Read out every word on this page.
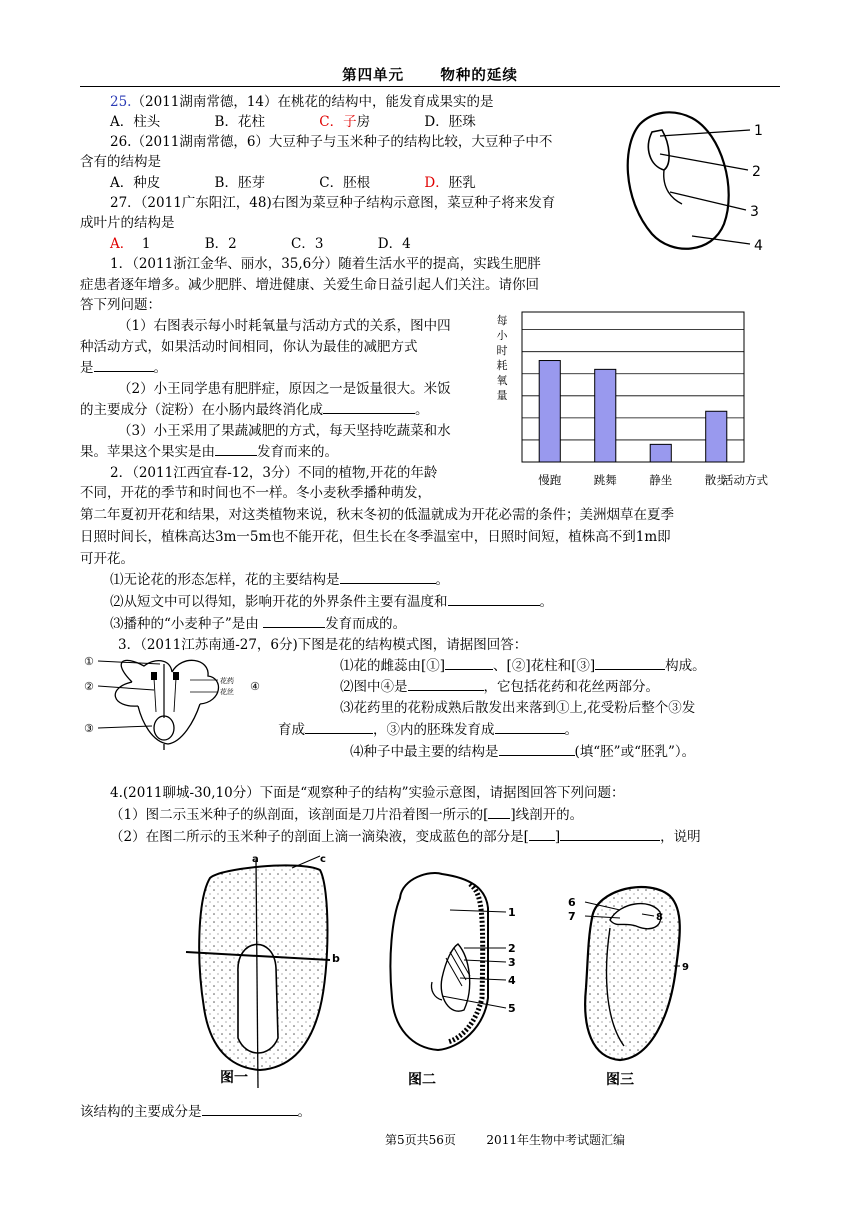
第四单元	物种的延续
25.（2011湖南常德，14）在桃花的结构中，能发育成果实的是
A．柱头	B．花柱	C．子房	D．胚珠
26.（2011湖南常德，6）大豆种子与玉米种子的结构比较，大豆种子中不
含有的结构是
A．种皮	B．胚芽	C．胚根	D．胚乳
27．（2011广东阳江，48)右图为菜豆种子结构示意图，菜豆种子将来发育
成叶片的结构是
A． 1	B．2	C．3	D．4
1
2
3
4
1．（2011浙江金华、丽水，35,6分）随着生活水平的提高，实践生肥胖
症患者逐年增多。减少肥胖、增进健康、关爱生命日益引起人们关注。请你回
答下列问题：
（1）右图表示每小时耗氧量与活动方式的关系，图中四
种活动方式，如果活动时间相同，你认为最佳的减肥方式
是	。
（2）小王同学患有肥胖症，原因之一是饭量很大。米饭
的主要成分（淀粉）在小肠内最终消化成	。
（3）小王采用了果蔬减肥的方式，每天坚持吃蔬菜和水
果。苹果这个果实是由	发育而来的。
每
小
时
耗
氧
量
慢跑	跳舞	静坐	散步
活动方式
2．（2011江西宜春-12，3分）不同的植物,开花的年龄
不同，开花的季节和时间也不一样。冬小麦秋季播种萌发，
第二年夏初开花和结果，对这类植物来说，秋末冬初的低温就成为开花必需的条件；美洲烟草在夏季
日照时间长，植株高达3m一5m也不能开花，但生长在冬季温室中，日照时间短，植株高不到1m即
可开花。
⑴无论花的形态怎样，花的主要结构是	。
⑵从短文中可以得知，影响开花的外界条件主要有温度和	。
⑶播种的“小麦种子”是由	发育而成的。
3．（2011江苏南通-27，6分)下图是花的结构模式图，请据图回答：
①
②
③
④
花药
花丝
⑴花的雌蕊由[①]	、[②]花柱和[③]	构成。
⑵图中④是	，它包括花药和花丝两部分。
⑶花药里的花粉成熟后散发出来落到①上,花受粉后整个③发
育成	，③内的胚珠发育成	。
⑷种子中最主要的结构是	(填“胚”或“胚乳”）。
4.(2011聊城-30,10分）下面是“观察种子的结构”实验示意图，请据图回答下列问题：
（1）图二示玉米种子的纵剖面，该剖面是刀片沿着图一所示的[ ]线剖开的。
（2）在图二所示的玉米种子的剖面上滴一滴染液，变成蓝色的部分是[ ]	，说明
a
b
c
图一
1
2
3
4
5
图二
6
7	8
9
图三
该结构的主要成分是	。
第5页共56页	2011年生物中考试题汇编
